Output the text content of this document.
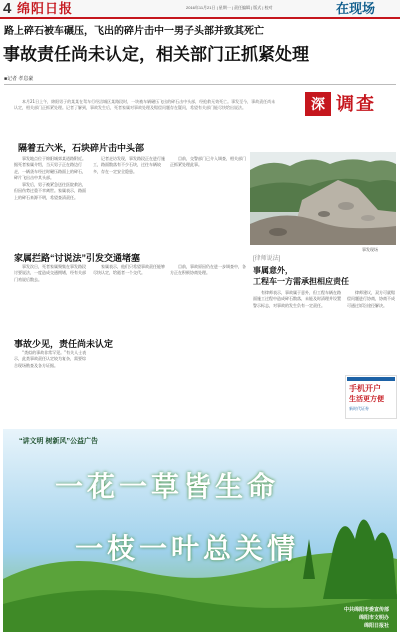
4 绵阳日报	2016年11月21日 | 星期一 | 责任编辑 | 版式 | 校对	在现场
路上碎石被车碾压，飞出的碎片击中一男子头部并致其死亡
事故责任尚未认定，相关部门正抓紧处理
■记者 孝息豪

本月21日上午，绵阳男子的某某在驾车行经涪城区某路段时，一块被车辆碾压飞出的碎石击中头部，经抢救无效死亡。事发至今，事故责任尚未认定，相关部门正抓紧处理。记者了解到，事故发生后，死者家属对事故处理及赔偿问题存在疑问，希望有关部门能尽快给出说法。	深 调查
隔着五六米，石块碎片击中头部

事发地点位于绵阳城郊某道路附近。据死者家属介绍，当天男子正在路边行走，一辆货车经过时碾压路面上的碎石，碎片飞出击中其头部。

事发后，男子被紧急送往医院救治，但因伤势过重不幸离世。家属表示，路面上的碎石来源不明，希望查清责任。

记者走访发现，事发路段正在进行施工，路面散落有不少石块，过往车辆较多，存在一定安全隐患。

目前，交警部门已介入调查，相关部门正抓紧处理此事。

事发现场
家属拦路“讨说法”引发交通堵塞

事发次日，死者家属聚集在事发路段讨要说法，一度造成交通拥堵，经有关部门劝说后散去。

家属表示，他们只希望事故责任能够尽快认定，给逝者一个交代。

目前，事故原因仍在进一步调查中，各方正在积极协商处理。

事故少见，责任尚未认定

“类似的事故非常罕见。”有关人士表示，此类事故责任认定较为复杂，需要综合现场勘查及各方证据。

[律师说法]
事属意外，
工程车一方需承担相应责任

有律师表示，事故属于意外，但工程车辆在路面施工过程中造成碎石散落，未能及时清理并设置警示标志，对事故的发生负有一定责任。

律师建议，双方可就赔偿问题进行协商，协商不成可通过诉讼途径解决。

手机开户
生活更方便
新时代证券
“讲文明 树新风”公益广告
一花一草皆生命
一枝一叶总关情
中共绵阳市委宣传部
绵阳市文明办
绵阳日报社
